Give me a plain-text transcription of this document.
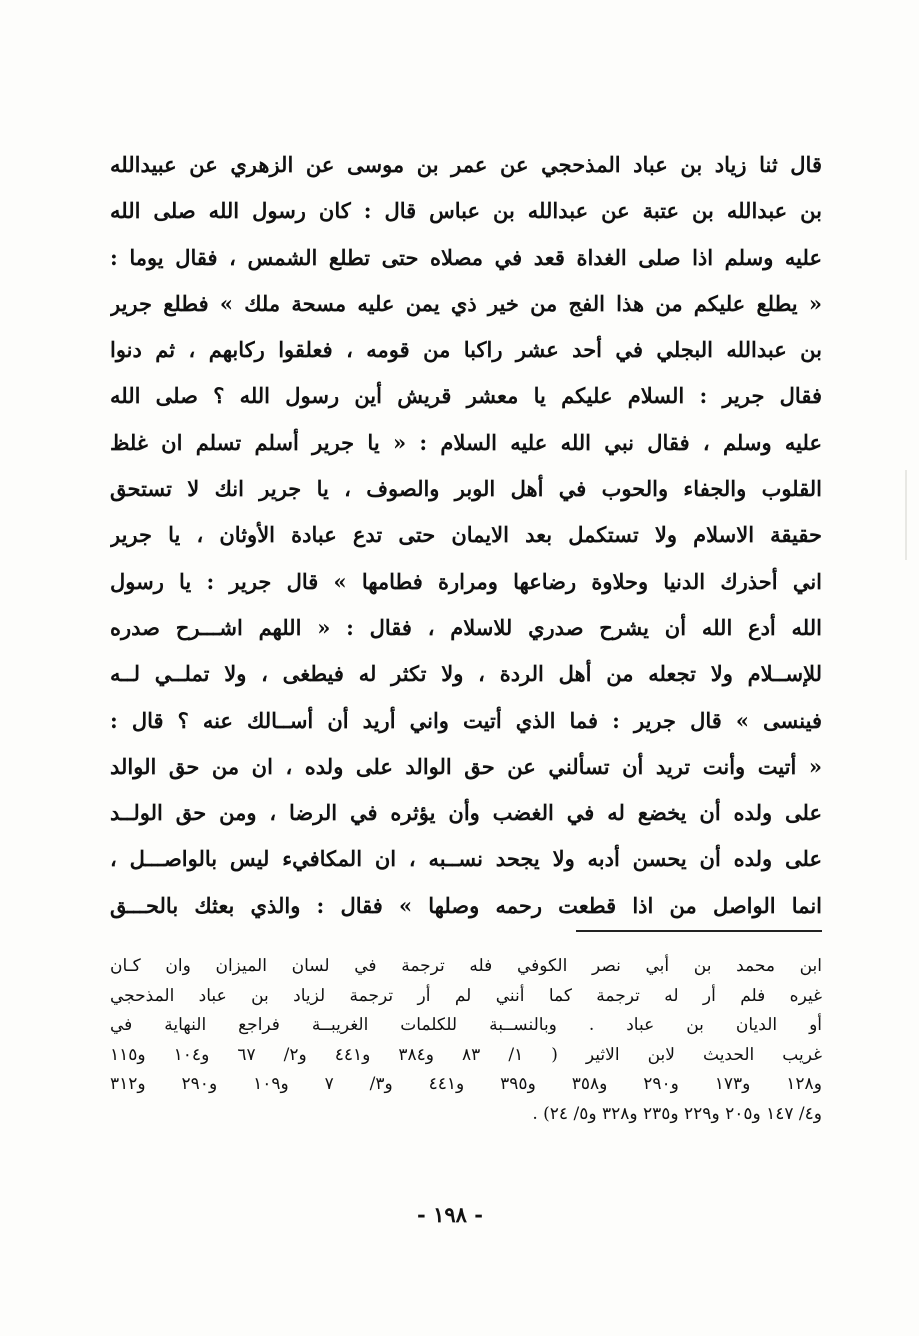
قال ثنا زياد بن عباد المذحجي عن عمر بن موسى عن الزهري عن عبيدالله
بن عبدالله بن عتبة عن عبدالله بن عباس قال : كان رسول الله صلى الله
عليه وسلم اذا صلى الغداة قعد في مصلاه حتى تطلع الشمس ، فقال يوما :
« يطلع عليكم من هذا الفج من خير ذي يمن عليه مسحة ملك » فطلع جرير
بن عبدالله البجلي في أحد عشر راكبا من قومه ، فعلقوا ركابهم ، ثم دنوا
فقال جرير : السلام عليكم يا معشر قريش أين رسول الله ؟ صلى الله
عليه وسلم ، فقال نبي الله عليه السلام : « يا جرير أسلم تسلم ان غلظ
القلوب والجفاء والحوب في أهل الوبر والصوف ، يا جرير انك لا تستحق
حقيقة الاسلام ولا تستكمل بعد الايمان حتى تدع عبادة الأوثان ، يا جرير
اني أحذرك الدنيا وحلاوة رضاعها ومرارة فطامها » قال جرير : يا رسول
الله أدع الله أن يشرح صدري للاسلام ، فقال : « اللهم اشـــرح صدره
للإســلام ولا تجعله من أهل الردة ، ولا تكثر له فيطغى ، ولا تملــي لــه
فينسى » قال جرير : فما الذي أتيت واني أريد أن أســالك عنه ؟ قال :
« أتيت وأنت تريد أن تسألني عن حق الوالد على ولده ، ان من حق الوالد
على ولده أن يخضع له في الغضب وأن يؤثره في الرضا ، ومن حق الولــد
على ولده أن يحسن أدبه ولا يجحد نســبه ، ان المكافيء ليس بالواصـــل ،
انما الواصل من اذا قطعت رحمه وصلها » فقال : والذي بعثك بالحـــق
ابن محمد بن أبي نصر الكوفي فله ترجمة في لسان الميزان وان كـان
غيره فلم أر له ترجمة كما أنني لم أر ترجمة لزياد بن عباد المذحجي
أو الديان بن عباد . وبالنســبة للكلمات الغريبــة فراجع النهاية في
غريب الحديث لابن الاثير ( ١/ ٨٣ و٣٨٤ و٤٤١ و٢/ ٦٧ و١٠٤ و١١٥
و١٢٨ و١٧٣ و٢٩٠ و٣٥٨ و٣٩٥ و٤٤١ و٣/ ٧ و١٠٩ و٢٩٠ و٣١٢
و٤/ ١٤٧ و٢٠٥ و٢٢٩ و٢٣٥ و٣٢٨ و٥/ ٢٤) .
- ١٩٨ -
